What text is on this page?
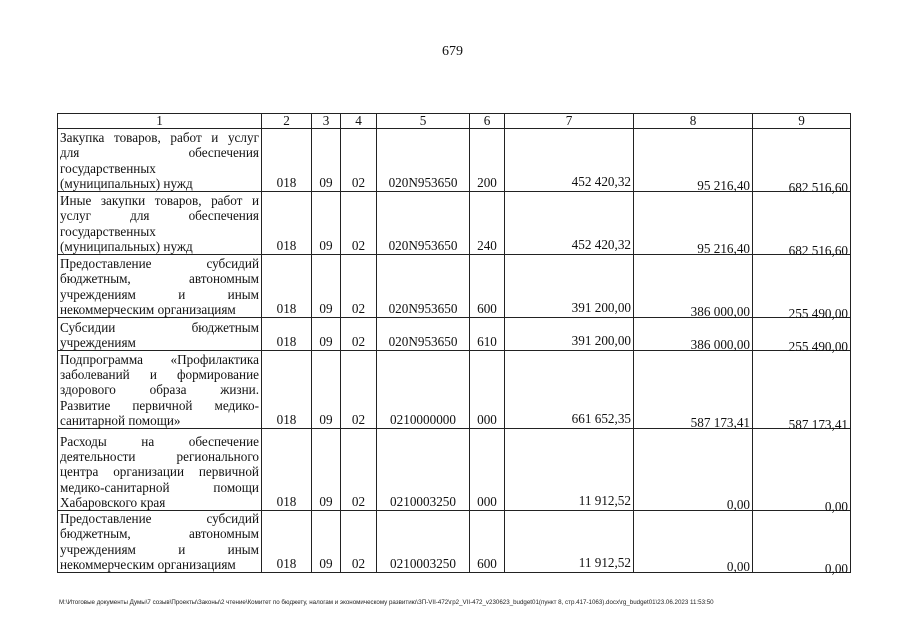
679
1	2	3	4	5	6	7	8	9

Закупка товаров, работ и услуг
для обеспечения
государственных
(муниципальных) нужд	018	09	02	020N953650	200	452 420,32	95 216,40	682 516,60

Иные закупки товаров, работ и
услуг для обеспечения
государственных
(муниципальных) нужд	018	09	02	020N953650	240	452 420,32	95 216,40	682 516,60

Предоставление субсидий
бюджетным, автономным
учреждениям и иным
некоммерческим организациям	018	09	02	020N953650	600	391 200,00	386 000,00	255 490,00

Субсидии бюджетным
учреждениям	018	09	02	020N953650	610	391 200,00	386 000,00	255 490,00

Подпрограмма «Профилактика
заболеваний и формирование
здорового образа жизни.
Развитие первичной медико-
санитарной помощи»	018	09	02	0210000000	000	661 652,35	587 173,41	587 173,41

Расходы на обеспечение
деятельности регионального
центра организации первичной
медико-санитарной помощи
Хабаровского края	018	09	02	0210003250	000	11 912,52	0,00	0,00

Предоставление субсидий
бюджетным, автономным
учреждениям и иным
некоммерческим организациям	018	09	02	0210003250	600	11 912,52	0,00	0,00
M:\Итоговые документы Думы\7 созыв\Проекты\Законы\2 чтение\Комитет по бюджету, налогам и экономическому развитию\ЗП-VII-472\гр2_VII-472_v230623_budget01(пункт 8, стр.417-1063).docx\rg_budget01\23.06.2023 11:53:50
